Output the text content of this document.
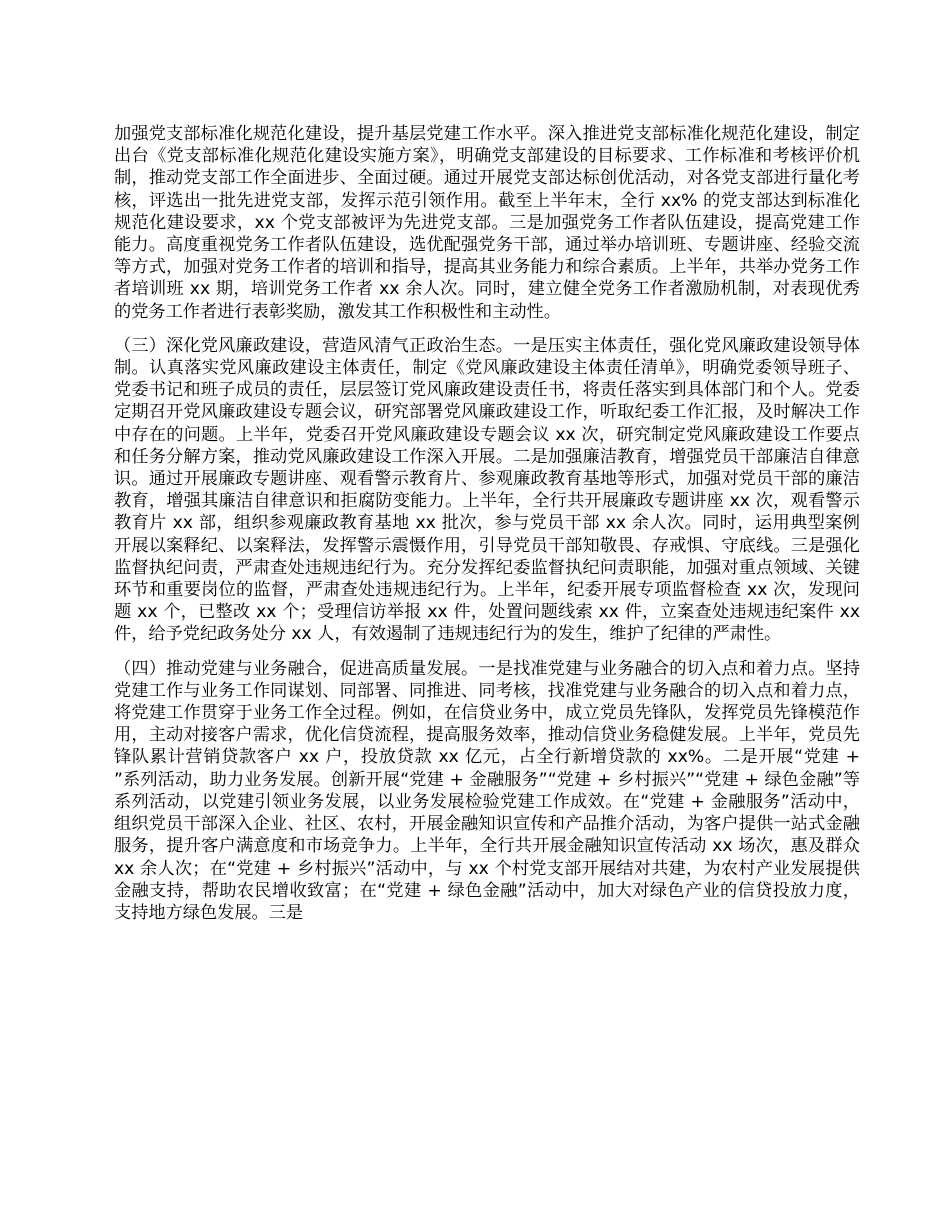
加强党支部标准化规范化建设，提升基层党建工作水平。深入推进党支部标准化规范化建设，制定出台《党支部标准化规范化建设实施方案》，明确党支部建设的目标要求、工作标准和考核评价机制，推动党支部工作全面进步、全面过硬。通过开展党支部达标创优活动，对各党支部进行量化考核，评选出一批先进党支部，发挥示范引领作用。截至上半年末，全行 xx% 的党支部达到标准化规范化建设要求，xx 个党支部被评为先进党支部。三是加强党务工作者队伍建设，提高党建工作能力。高度重视党务工作者队伍建设，选优配强党务干部，通过举办培训班、专题讲座、经验交流等方式，加强对党务工作者的培训和指导，提高其业务能力和综合素质。上半年，共举办党务工作者培训班 xx 期，培训党务工作者 xx 余人次。同时，建立健全党务工作者激励机制，对表现优秀的党务工作者进行表彰奖励，激发其工作积极性和主动性。

（三）深化党风廉政建设，营造风清气正政治生态。一是压实主体责任，强化党风廉政建设领导体制。认真落实党风廉政建设主体责任，制定《党风廉政建设主体责任清单》，明确党委领导班子、党委书记和班子成员的责任，层层签订党风廉政建设责任书，将责任落实到具体部门和个人。党委定期召开党风廉政建设专题会议，研究部署党风廉政建设工作，听取纪委工作汇报，及时解决工作中存在的问题。上半年，党委召开党风廉政建设专题会议 xx 次，研究制定党风廉政建设工作要点和任务分解方案，推动党风廉政建设工作深入开展。二是加强廉洁教育，增强党员干部廉洁自律意识。通过开展廉政专题讲座、观看警示教育片、参观廉政教育基地等形式，加强对党员干部的廉洁教育，增强其廉洁自律意识和拒腐防变能力。上半年，全行共开展廉政专题讲座 xx 次，观看警示教育片 xx 部，组织参观廉政教育基地 xx 批次，参与党员干部 xx 余人次。同时，运用典型案例开展以案释纪、以案释法，发挥警示震慑作用，引导党员干部知敬畏、存戒惧、守底线。三是强化监督执纪问责，严肃查处违规违纪行为。充分发挥纪委监督执纪问责职能，加强对重点领域、关键环节和重要岗位的监督，严肃查处违规违纪行为。上半年，纪委开展专项监督检查 xx 次，发现问题 xx 个，已整改 xx 个；受理信访举报 xx 件，处置问题线索 xx 件，立案查处违规违纪案件 xx 件，给予党纪政务处分 xx 人，有效遏制了违规违纪行为的发生，维护了纪律的严肃性。

（四）推动党建与业务融合，促进高质量发展。一是找准党建与业务融合的切入点和着力点。坚持党建工作与业务工作同谋划、同部署、同推进、同考核，找准党建与业务融合的切入点和着力点，将党建工作贯穿于业务工作全过程。例如，在信贷业务中，成立党员先锋队，发挥党员先锋模范作用，主动对接客户需求，优化信贷流程，提高服务效率，推动信贷业务稳健发展。上半年，党员先锋队累计营销贷款客户 xx 户，投放贷款 xx 亿元，占全行新增贷款的 xx%。二是开展“党建 + ”系列活动，助力业务发展。创新开展“党建 + 金融服务”“党建 + 乡村振兴”“党建 + 绿色金融”等系列活动，以党建引领业务发展，以业务发展检验党建工作成效。在“党建 + 金融服务”活动中，组织党员干部深入企业、社区、农村，开展金融知识宣传和产品推介活动，为客户提供一站式金融服务，提升客户满意度和市场竞争力。上半年，全行共开展金融知识宣传活动 xx 场次，惠及群众 xx 余人次；在“党建 + 乡村振兴”活动中，与 xx 个村党支部开展结对共建，为农村产业发展提供金融支持，帮助农民增收致富；在“党建 + 绿色金融”活动中，加大对绿色产业的信贷投放力度，支持地方绿色发展。三是
